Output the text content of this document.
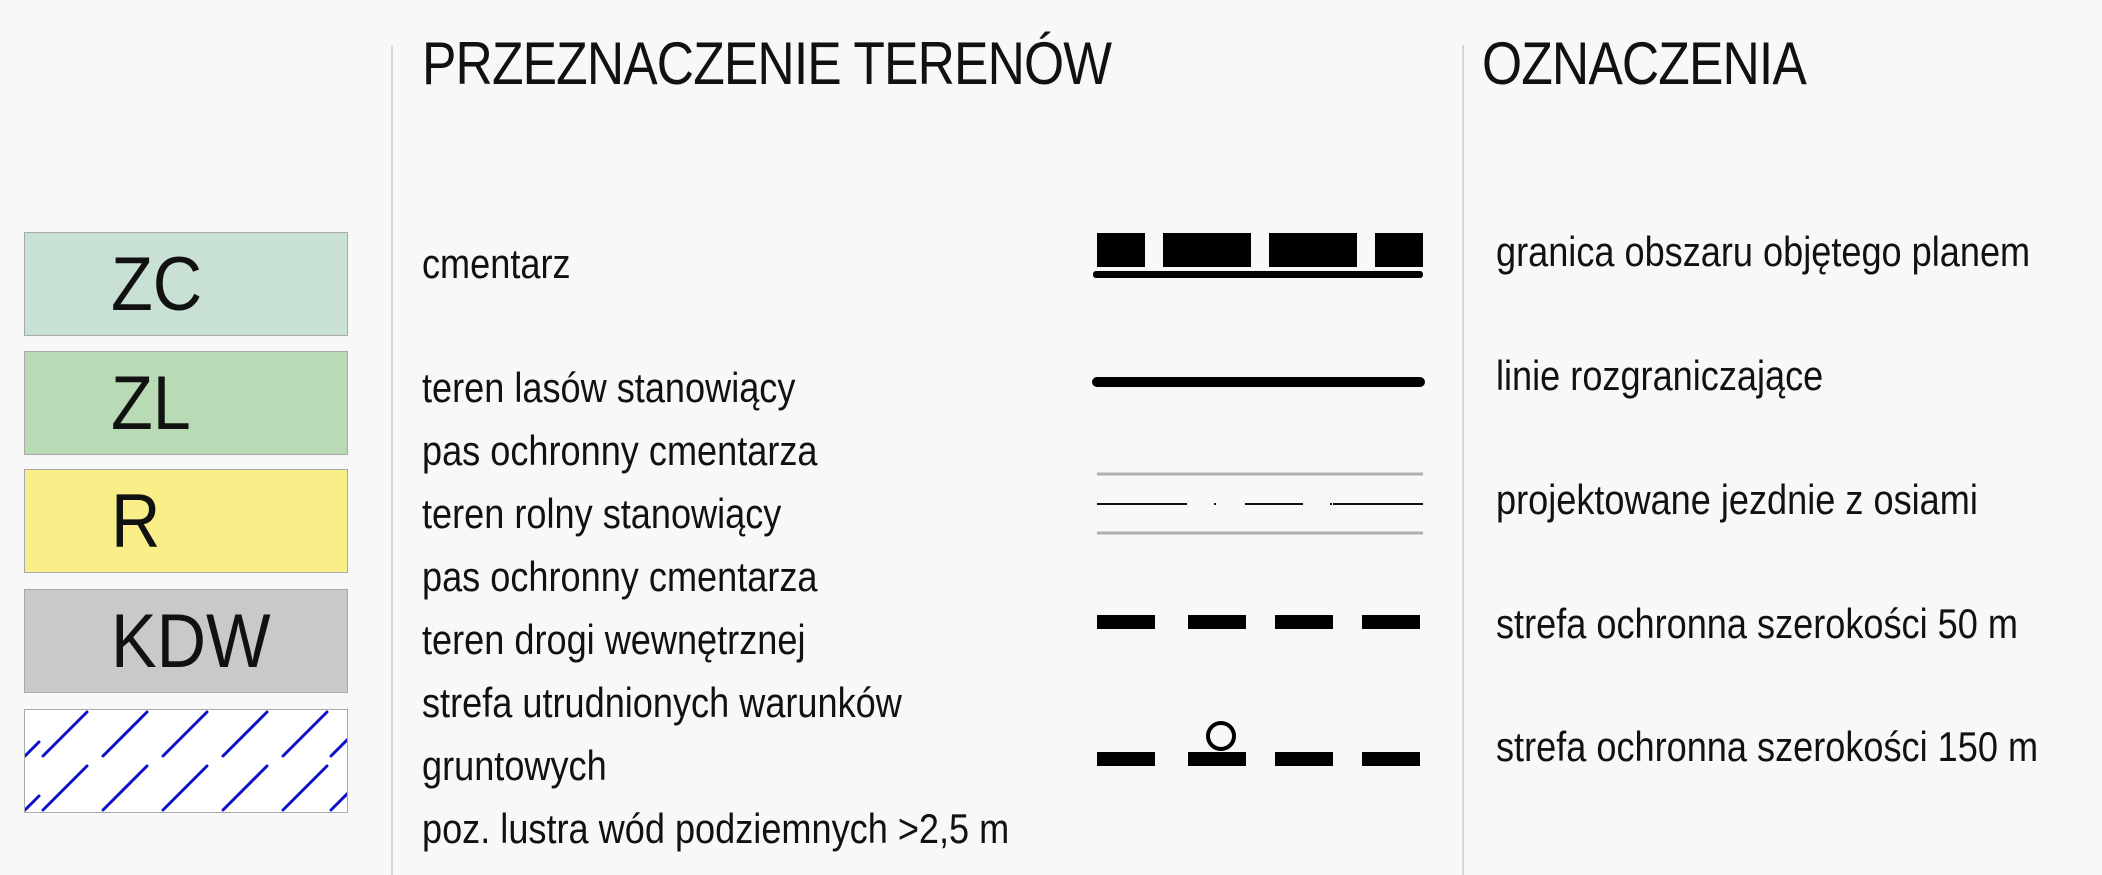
PRZEZNACZENIE TERENÓW	OZNACZENIA
ZC
ZL
R
KDW
cmentarz
teren lasów stanowiący
pas ochronny cmentarza
teren rolny stanowiący
pas ochronny cmentarza
teren drogi wewnętrznej
strefa utrudnionych warunków
gruntowych
poz. lustra wód podziemnych >2,5 m
granica obszaru objętego planem
linie rozgraniczające
projektowane jezdnie z osiami
strefa ochronna szerokości 50 m
strefa ochronna szerokości 150 m
